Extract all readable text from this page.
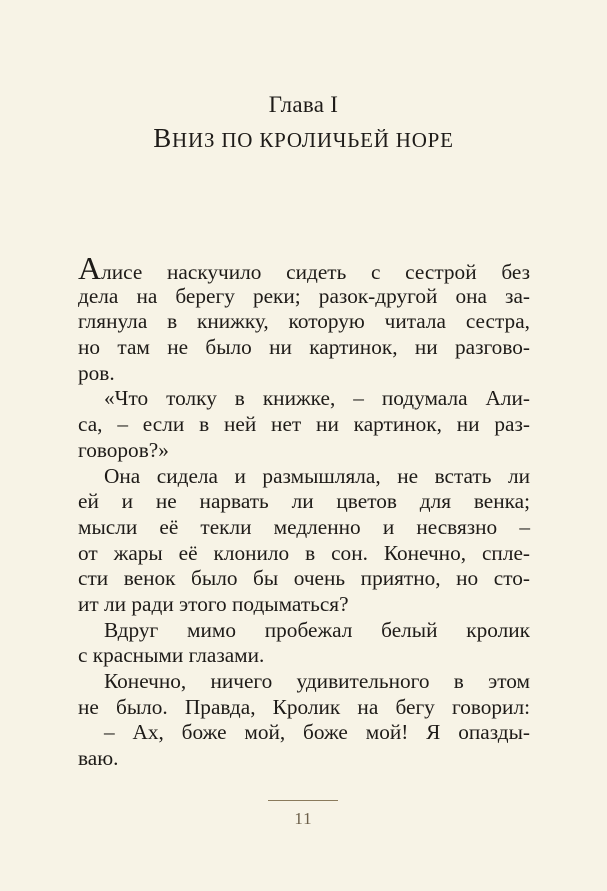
Глава I
ВНИЗ ПО КРОЛИЧЬЕЙ НОРЕ
Алисе наскучило сидеть с сестрой без
дела на берегу реки; разок-другой она за-
глянула в книжку, которую читала сестра,
но там не было ни картинок, ни разгово-
ров.
«Что толку в книжке, – подумала Али-
са, – если в ней нет ни картинок, ни раз-
говоров?»
Она сидела и размышляла, не встать ли
ей и не нарвать ли цветов для венка;
мысли её текли медленно и несвязно –
от жары её клонило в сон. Конечно, спле-
сти венок было бы очень приятно, но сто-
ит ли ради этого подыматься?
Вдруг мимо пробежал белый кролик
с красными глазами.
Конечно, ничего удивительного в этом
не было. Правда, Кролик на бегу говорил:
– Ах, боже мой, боже мой! Я опазды-
ваю.
11
